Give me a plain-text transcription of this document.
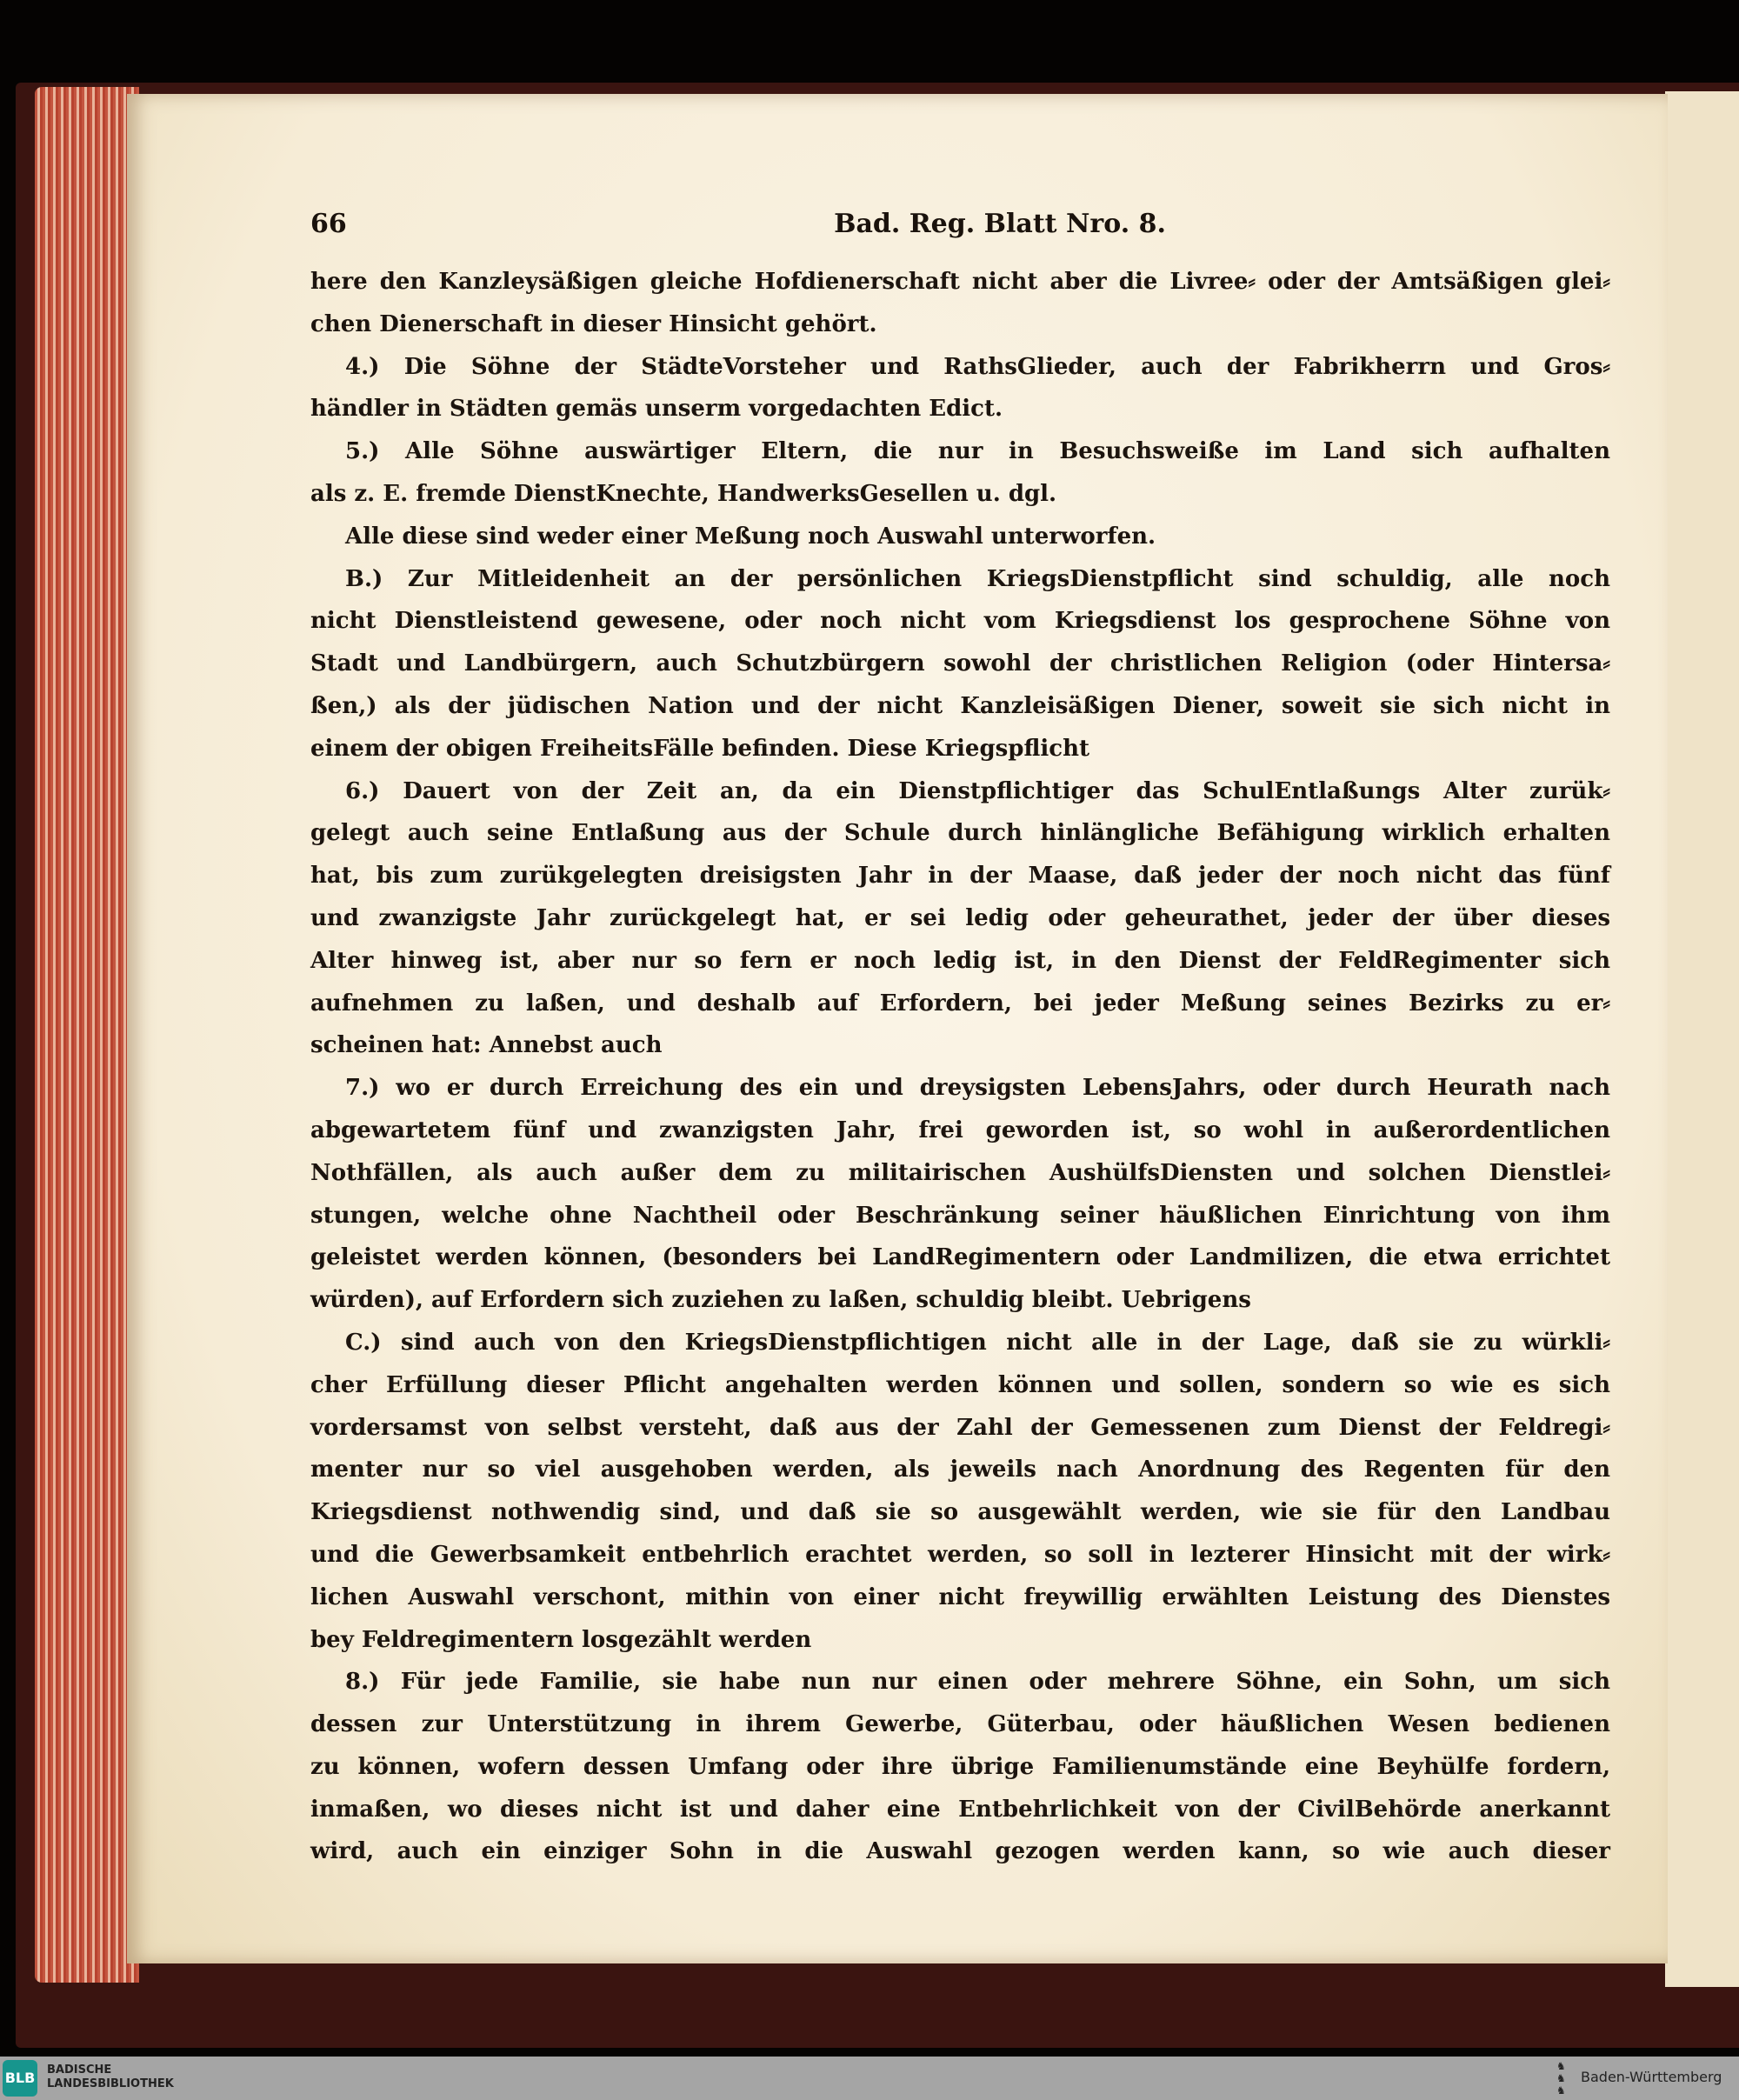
66	Bad. Reg. Blatt Nro. 8.
here den Kanzleysäßigen gleiche Hofdienerschaft nicht aber die Livree⸗ oder der Amtsäßigen glei⸗
chen Dienerschaft in dieser Hinsicht gehört.
4.) Die Söhne der StädteVorsteher und RathsGlieder, auch der Fabrikherrn und Gros⸗
händler in Städten gemäs unserm vorgedachten Edict.
5.) Alle Söhne auswärtiger Eltern, die nur in Besuchsweiße im Land sich aufhalten
als z. E. fremde DienstKnechte, HandwerksGesellen u. dgl.
Alle diese sind weder einer Meßung noch Auswahl unterworfen.
B.) Zur Mitleidenheit an der persönlichen KriegsDienstpflicht sind schuldig, alle noch
nicht Dienstleistend gewesene, oder noch nicht vom Kriegsdienst los gesprochene Söhne von
Stadt und Landbürgern, auch Schutzbürgern sowohl der christlichen Religion (oder Hintersa⸗
ßen,) als der jüdischen Nation und der nicht Kanzleisäßigen Diener, soweit sie sich nicht in
einem der obigen FreiheitsFälle befinden. Diese Kriegspflicht
6.) Dauert von der Zeit an, da ein Dienstpflichtiger das SchulEntlaßungs Alter zurük⸗
gelegt auch seine Entlaßung aus der Schule durch hinlängliche Befähigung wirklich erhalten
hat, bis zum zurükgelegten dreisigsten Jahr in der Maase, daß jeder der noch nicht das fünf
und zwanzigste Jahr zurückgelegt hat, er sei ledig oder geheurathet, jeder der über dieses
Alter hinweg ist, aber nur so fern er noch ledig ist, in den Dienst der FeldRegimenter sich
aufnehmen zu laßen, und deshalb auf Erfordern, bei jeder Meßung seines Bezirks zu er⸗
scheinen hat: Annebst auch
7.) wo er durch Erreichung des ein und dreysigsten LebensJahrs, oder durch Heurath nach
abgewartetem fünf und zwanzigsten Jahr, frei geworden ist, so wohl in außerordentlichen
Nothfällen, als auch außer dem zu militairischen AushülfsDiensten und solchen Dienstlei⸗
stungen, welche ohne Nachtheil oder Beschränkung seiner häußlichen Einrichtung von ihm
geleistet werden können, (besonders bei LandRegimentern oder Landmilizen, die etwa errichtet
würden), auf Erfordern sich zuziehen zu laßen, schuldig bleibt. Uebrigens
C.) sind auch von den KriegsDienstpflichtigen nicht alle in der Lage, daß sie zu würkli⸗
cher Erfüllung dieser Pflicht angehalten werden können und sollen, sondern so wie es sich
vordersamst von selbst versteht, daß aus der Zahl der Gemessenen zum Dienst der Feldregi⸗
menter nur so viel ausgehoben werden, als jeweils nach Anordnung des Regenten für den
Kriegsdienst nothwendig sind, und daß sie so ausgewählt werden, wie sie für den Landbau
und die Gewerbsamkeit entbehrlich erachtet werden, so soll in lezterer Hinsicht mit der wirk⸗
lichen Auswahl verschont, mithin von einer nicht freywillig erwählten Leistung des Dienstes
bey Feldregimentern losgezählt werden
8.) Für jede Familie, sie habe nun nur einen oder mehrere Söhne, ein Sohn, um sich
dessen zur Unterstützung in ihrem Gewerbe, Güterbau, oder häußlichen Wesen bedienen
zu können, wofern dessen Umfang oder ihre übrige Familienumstände eine Beyhülfe fordern,
inmaßen, wo dieses nicht ist und daher eine Entbehrlichkeit von der CivilBehörde anerkannt
wird, auch ein einziger Sohn in die Auswahl gezogen werden kann, so wie auch dieser
BLB BADISCHE
LANDESBIBLIOTHEK
♞
♞
♞
Baden-Württemberg
